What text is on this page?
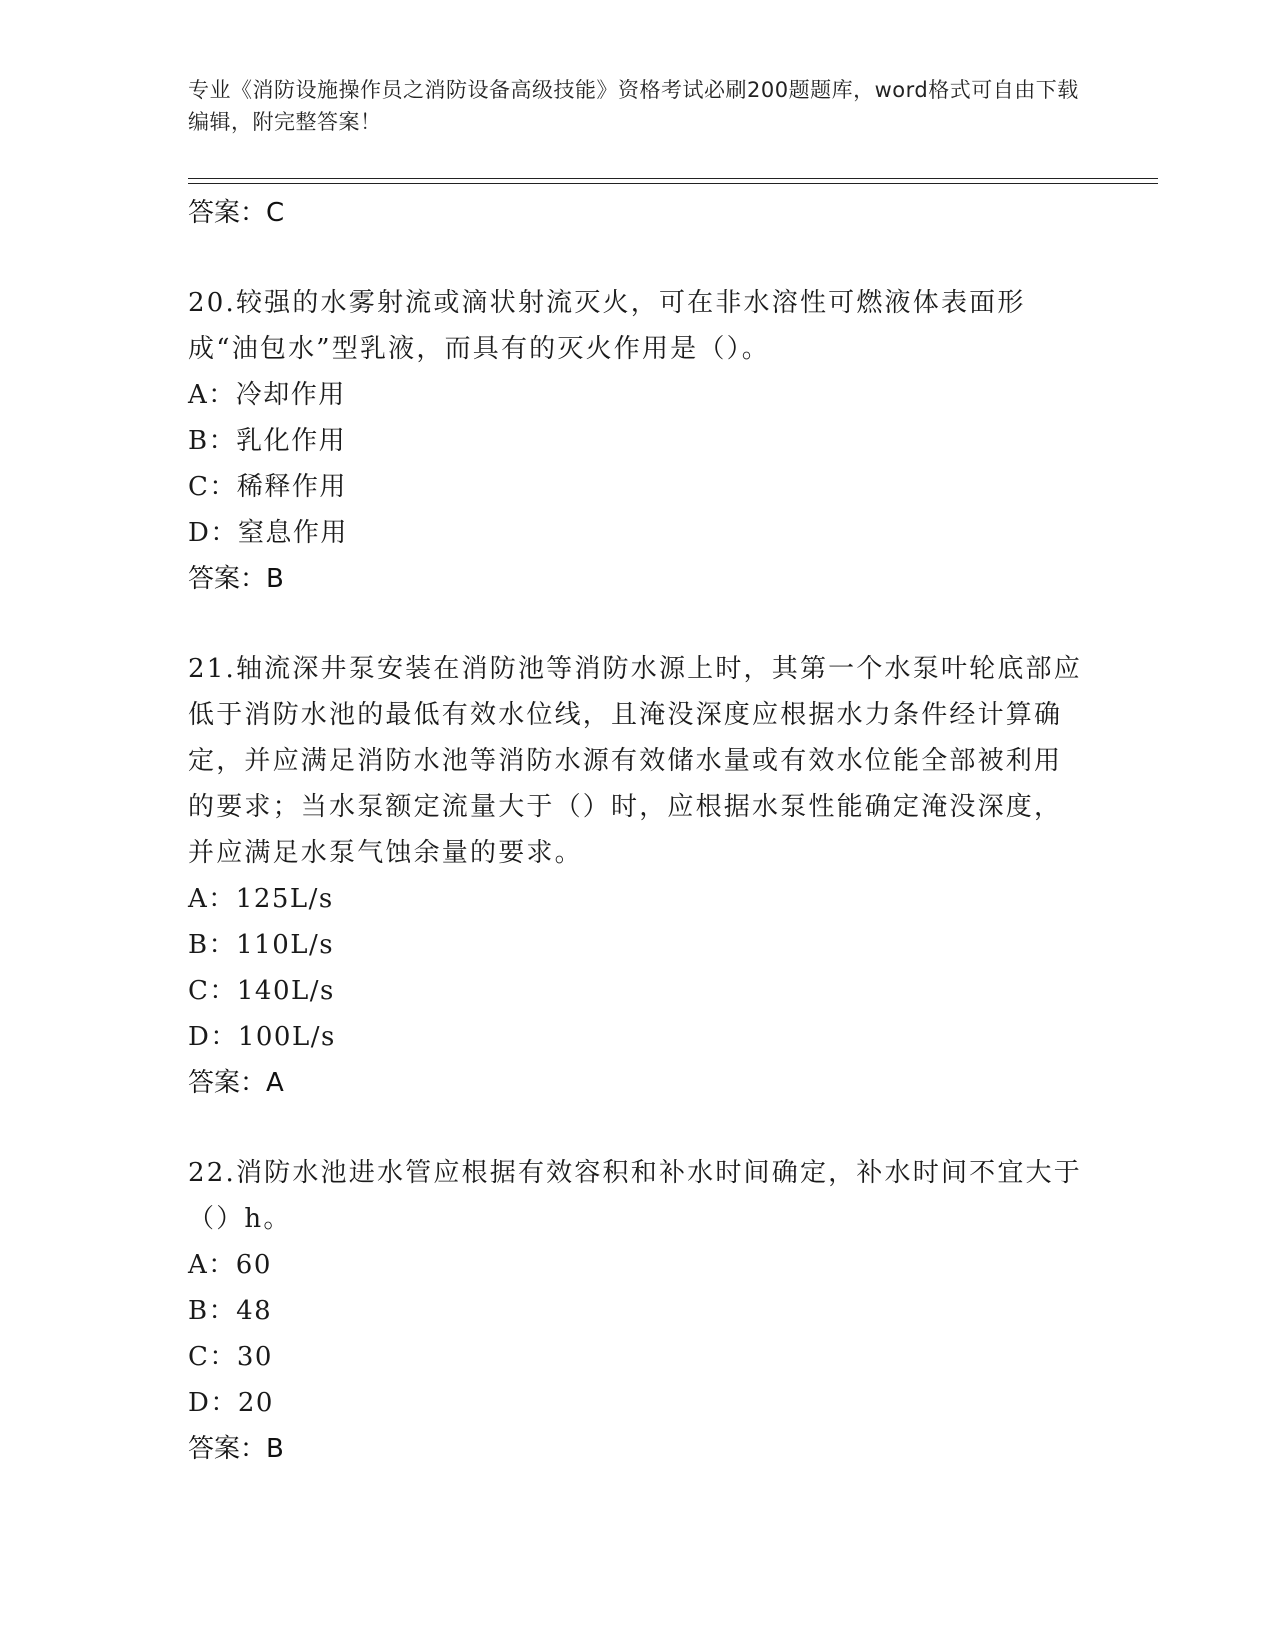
专业《消防设施操作员之消防设备高级技能》资格考试必刷200题题库，word格式可自由下载编辑，附完整答案！
答案：C
20.较强的水雾射流或滴状射流灭火，可在非水溶性可燃液体表面形成“油包水”型乳液，而具有的灭火作用是（）。
A：冷却作用
B：乳化作用
C：稀释作用
D：窒息作用
答案：B
21.轴流深井泵安装在消防池等消防水源上时，其第一个水泵叶轮底部应低于消防水池的最低有效水位线，且淹没深度应根据水力条件经计算确定，并应满足消防水池等消防水源有效储水量或有效水位能全部被利用的要求；当水泵额定流量大于（）时，应根据水泵性能确定淹没深度，并应满足水泵气蚀余量的要求。
A：125L/s
B：110L/s
C：140L/s
D：100L/s
答案：A
22.消防水池进水管应根据有效容积和补水时间确定，补水时间不宜大于（）h。
A：60
B：48
C：30
D：20
答案：B
